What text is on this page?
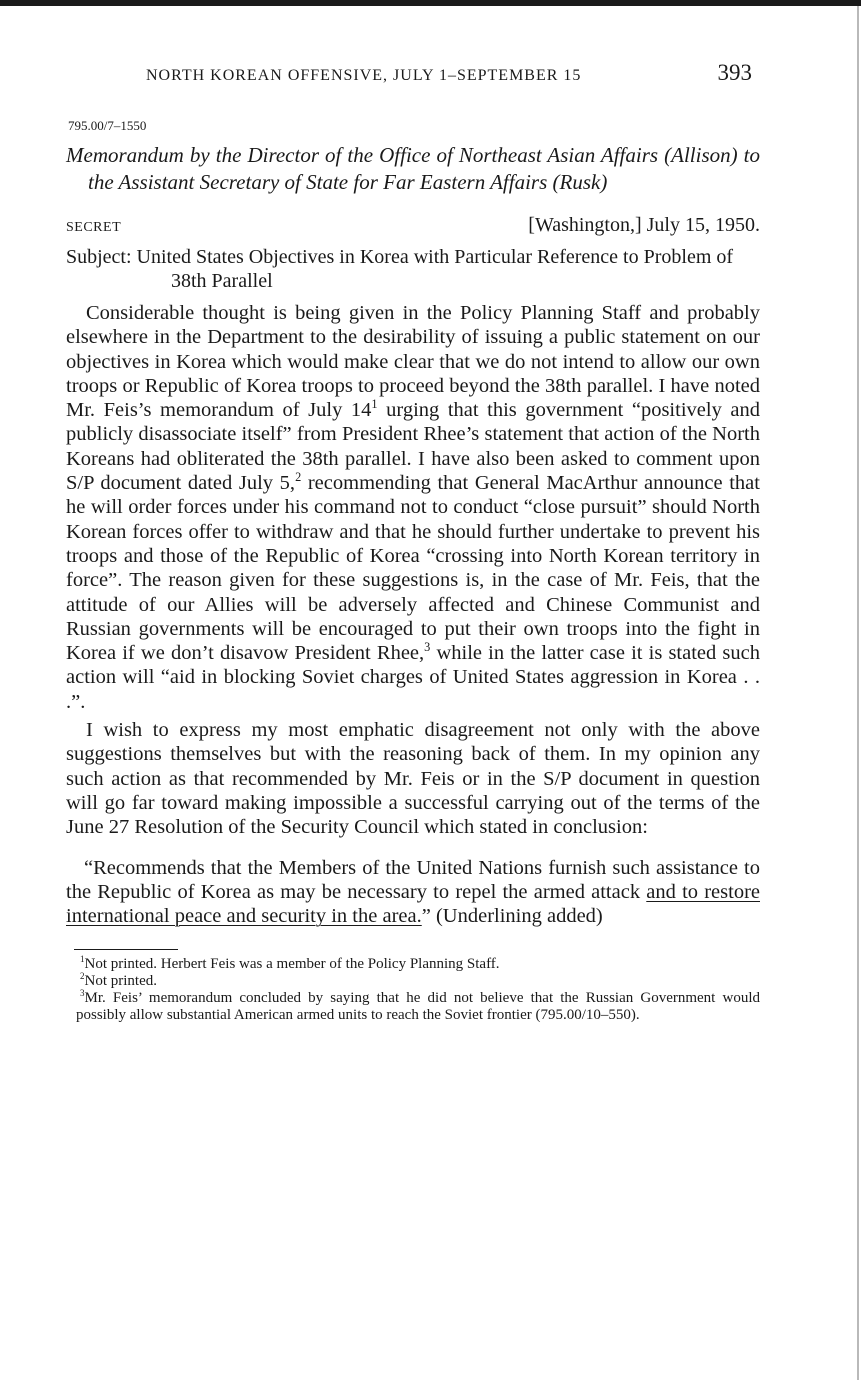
NORTH KOREAN OFFENSIVE, JULY 1–SEPTEMBER 15	393
795.00/7–1550
Memorandum by the Director of the Office of Northeast Asian Affairs (Allison) to the Assistant Secretary of State for Far Eastern Affairs (Rusk)
SECRET	[Washington,] July 15, 1950.
Subject: United States Objectives in Korea with Particular Reference to Problem of 38th Parallel

Considerable thought is being given in the Policy Planning Staff and probably elsewhere in the Department to the desirability of issuing a public statement on our objectives in Korea which would make clear that we do not intend to allow our own troops or Republic of Korea troops to proceed beyond the 38th parallel. I have noted Mr. Feis’s memorandum of July $14^1$ urging that this government “positively and publicly disassociate itself” from President Rhee’s statement that action of the North Koreans had obliterated the 38th parallel. I have also been asked to comment upon S/P document dated July 5,$^2$ recommending that General MacArthur announce that he will order forces under his command not to conduct “close pursuit” should North Korean forces offer to withdraw and that he should further undertake to prevent his troops and those of the Republic of Korea “crossing into North Korean territory in force”. The reason given for these suggestions is, in the case of Mr. Feis, that the attitude of our Allies will be adversely affected and Chinese Communist and Russian governments will be encouraged to put their own troops into the fight in Korea if we don’t disavow President Rhee,$^3$ while in the latter case it is stated such action will “aid in blocking Soviet charges of United States aggression in Korea . . .”.

I wish to express my most emphatic disagreement not only with the above suggestions themselves but with the reasoning back of them. In my opinion any such action as that recommended by Mr. Feis or in the S/P document in question will go far toward making impossible a successful carrying out of the terms of the June 27 Resolution of the Security Council which stated in conclusion:

“Recommends that the Members of the United Nations furnish such assistance to the Republic of Korea as may be necessary to repel the armed attack and to restore international peace and security in the area.” (Underlining added)

$^1$Not printed. Herbert Feis was a member of the Policy Planning Staff.

$^2$Not printed.

$^3$Mr. Feis’ memorandum concluded by saying that he did not believe that the Russian Government would possibly allow substantial American armed units to reach the Soviet frontier (795.00/10–550).
